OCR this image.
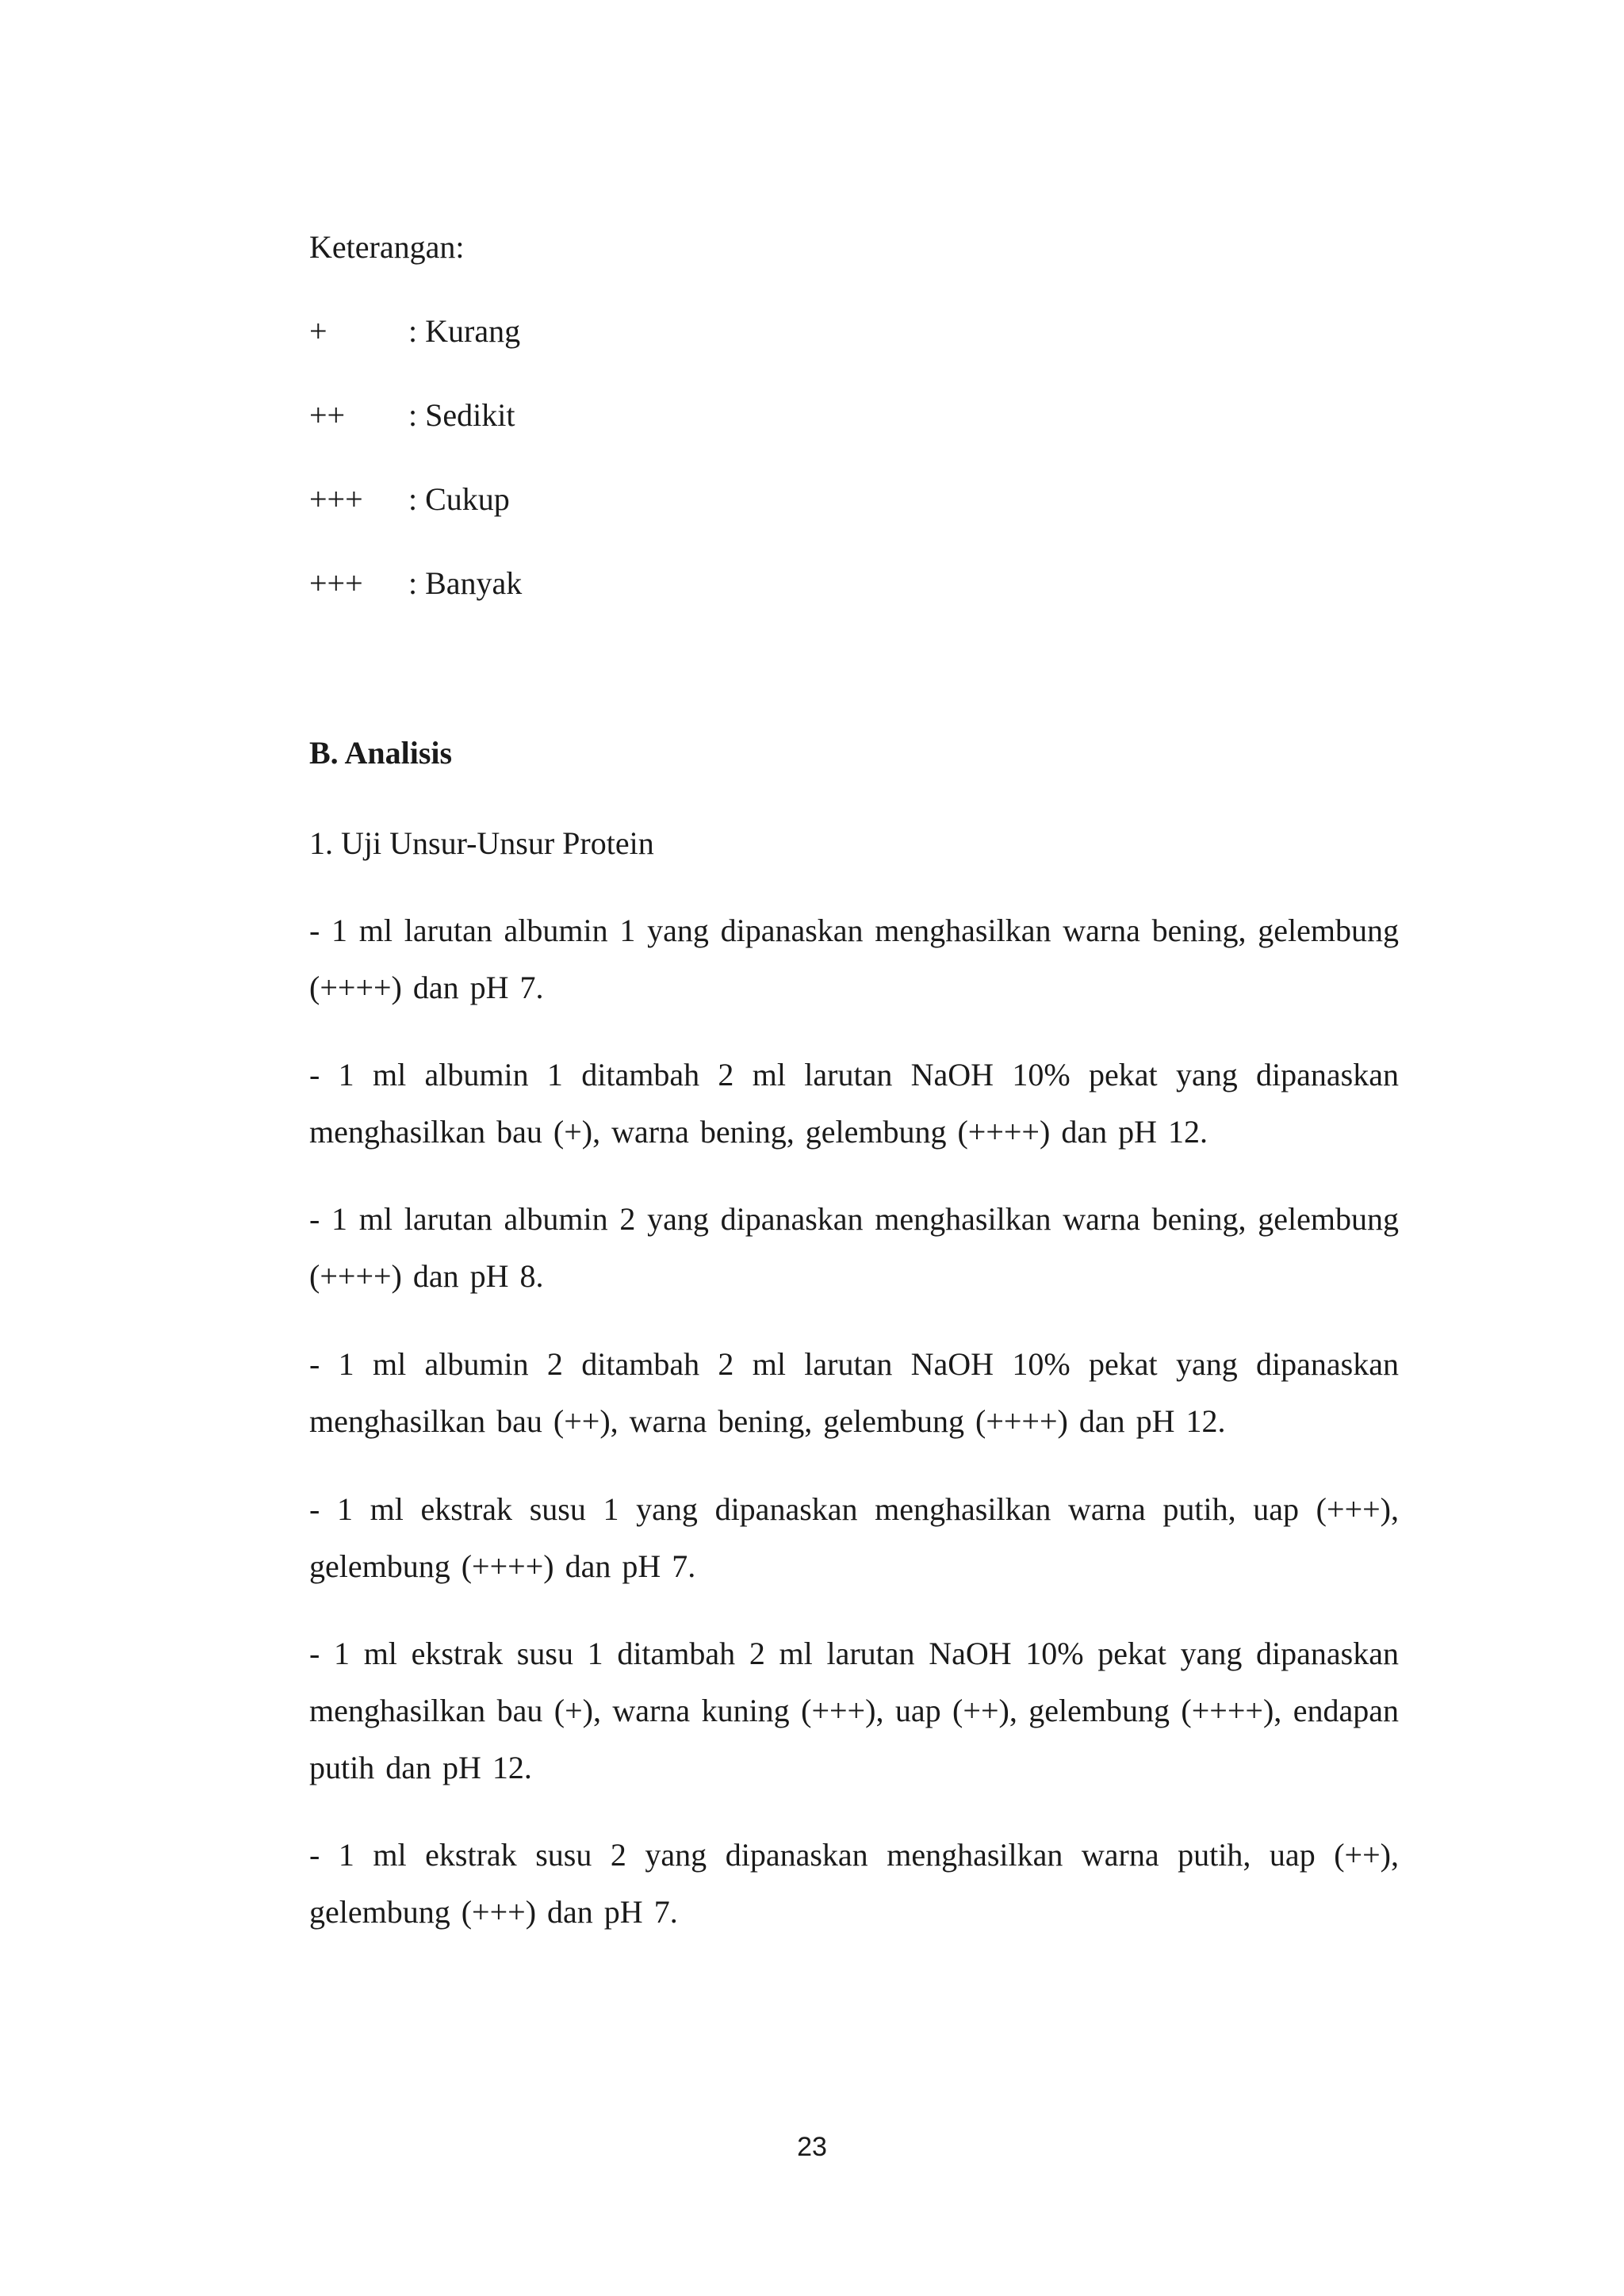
Keterangan:
+	: Kurang
++	: Sedikit
+++	: Cukup
+++	: Banyak
B. Analisis
1. Uji Unsur-Unsur Protein
- 1 ml larutan albumin 1 yang dipanaskan menghasilkan warna bening, gelembung (++++) dan pH 7.
- 1 ml albumin 1 ditambah 2 ml larutan NaOH 10% pekat yang dipanaskan menghasilkan bau (+), warna bening, gelembung (++++) dan pH 12.
- 1 ml larutan albumin 2 yang dipanaskan menghasilkan warna bening, gelembung (++++) dan pH 8.
- 1 ml albumin 2 ditambah 2 ml larutan NaOH 10% pekat yang dipanaskan menghasilkan bau (++), warna bening, gelembung (++++) dan pH 12.
- 1 ml ekstrak susu 1 yang dipanaskan menghasilkan warna putih, uap (+++), gelembung (++++) dan pH 7.
- 1 ml ekstrak susu 1 ditambah 2 ml larutan NaOH 10% pekat yang dipanaskan menghasilkan bau (+), warna kuning (+++), uap (++), gelembung (++++), endapan putih dan pH 12.
- 1 ml ekstrak susu 2 yang dipanaskan menghasilkan warna putih, uap (++), gelembung (+++) dan pH 7.
23
